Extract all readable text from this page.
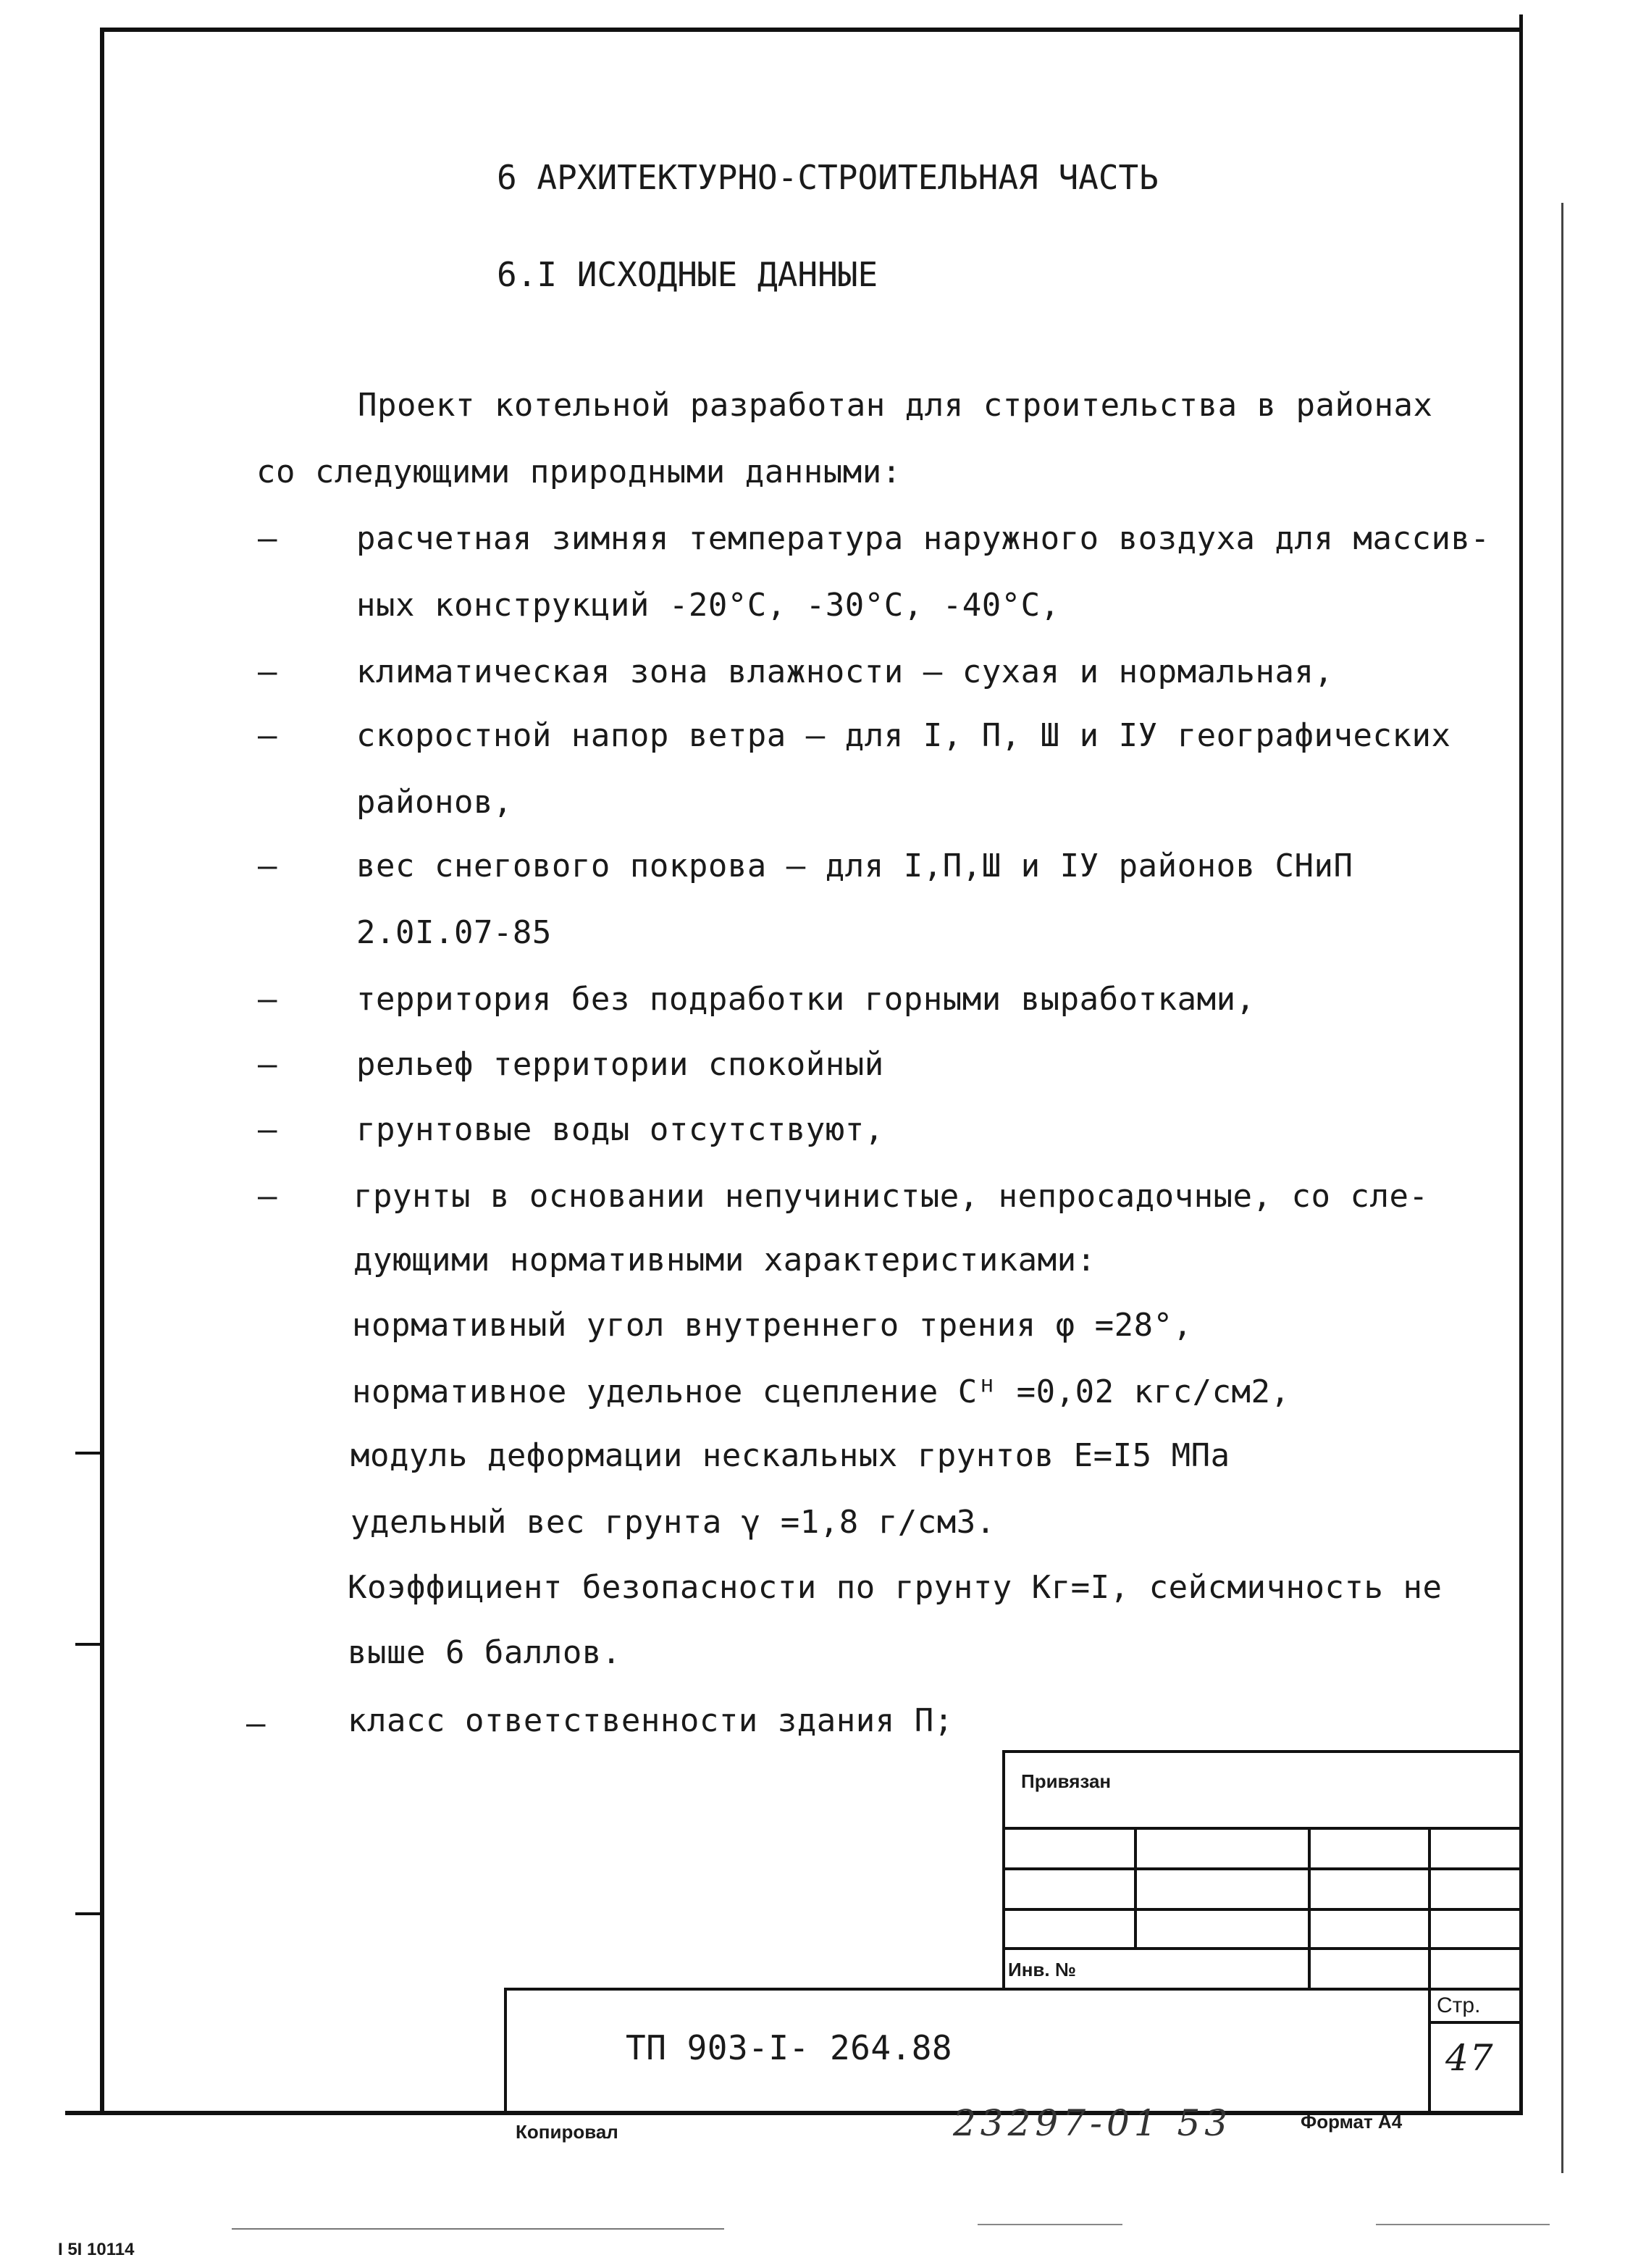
6 АРХИТЕКТУРНО-СТРОИТЕЛЬНАЯ ЧАСТЬ
6.I ИСХОДНЫЕ ДАННЫЕ
Проект котельной разработан для строительства в районах
со следующими природными данными:
–
–
–
–
–
–
–
–
–
расчетная зимняя температура наружного воздуха для массив-
ных конструкций -20°С, -30°С, -40°С,
климатическая зона влажности – сухая и нормальная,
скоростной напор ветра – для I, П, Ш и IУ географических
районов,
вес снегового покрова – для I,П,Ш и IУ районов СНиП
2.0I.07-85
территория без подработки горными выработками,
рельеф территории спокойный
грунтовые воды отсутствуют,
грунты в основании непучинистые, непросадочные, со сле-
дующими нормативными характеристиками:
нормативный угол внутреннего трения φ =28°,
нормативное удельное сцепление Сᴴ =0,02 кгс/см2,
модуль деформации нескальных грунтов Е=I5 МПа
удельный вес грунта γ =1,8 г/см3.
Коэффициент безопасности по грунту Кг=I, сейсмичность не
выше 6 баллов.
класс ответственности здания П;
Привязан
Инв. №
Стр.
47
ТП 903-I- 264.88
Копировал	23297-01 53	Формат А4
I 5I 10114
